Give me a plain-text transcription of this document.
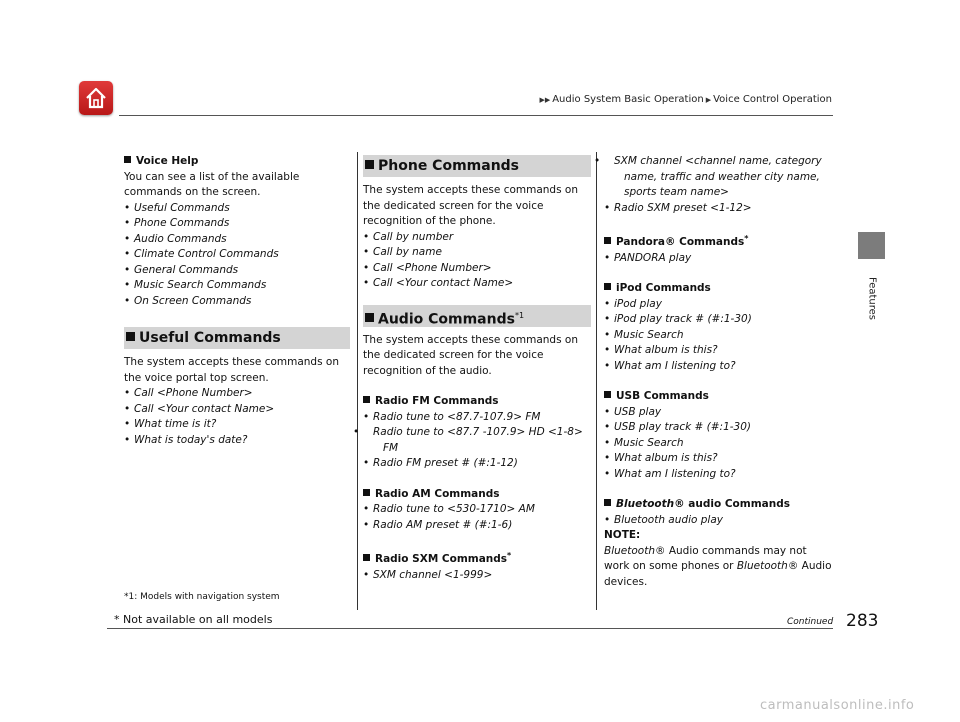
▶▶ Audio System Basic Operation ▶ Voice Control Operation
Features

Voice Help

You can see a list of the available commands on the screen.

• Useful Commands
• Phone Commands
• Audio Commands
• Climate Control Commands
• General Commands
• Music Search Commands
• On Screen Commands
Useful Commands

The system accepts these commands on the voice portal top screen.

• Call <Phone Number>
• Call <Your contact Name>
• What time is it?
• What is today's date?
*1: Models with navigation system
Phone Commands

The system accepts these commands on the dedicated screen for the voice recognition of the phone.

• Call by number
• Call by name
• Call <Phone Number>
• Call <Your contact Name>
Audio Commands$^{*1}$

The system accepts these commands on the dedicated screen for the voice recognition of the audio.

Radio FM Commands

• Radio tune to <87.7-107.9> FM
• Radio tune to <87.7 -107.9> HD <1-8> FM
• Radio FM preset # (#:1-12)

Radio AM Commands

• Radio tune to <530-1710> AM
• Radio AM preset # (#:1-6)

Radio SXM Commands*

• SXM channel <1-999>
• SXM channel <channel name, category name, traffic and weather city name, sports team name>
• Radio SXM preset <1-12>

Pandora® Commands*

• PANDORA play

iPod Commands

• iPod play
• iPod play track # (#:1-30)
• Music Search
• What album is this?
• What am I listening to?

USB Commands

• USB play
• USB play track # (#:1-30)
• Music Search
• What album is this?
• What am I listening to?

Bluetooth® audio Commands

• Bluetooth audio play

NOTE:

Bluetooth® Audio commands may not work on some phones or Bluetooth® Audio devices.

Continued 283
* Not available on all models
carmanualsonline.info
